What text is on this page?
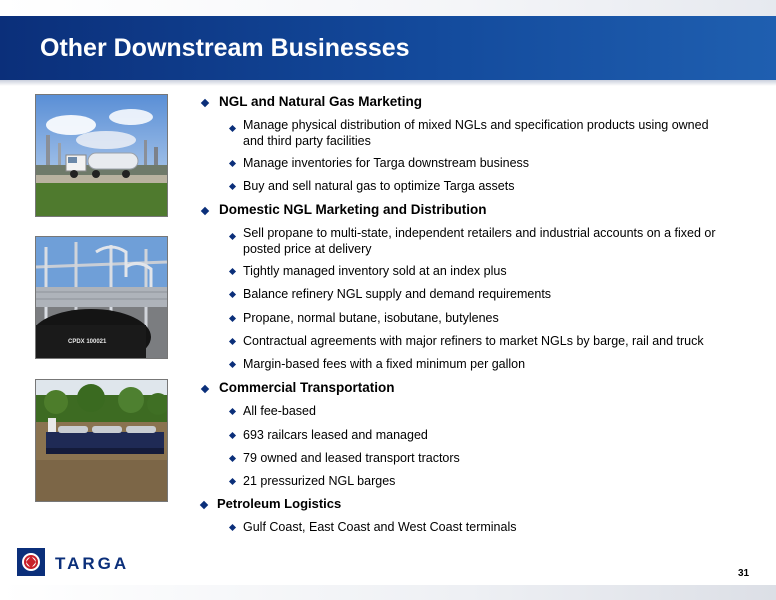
Other Downstream Businesses
CPDX 100021
NGL and Natural Gas Marketing
Manage physical distribution of mixed NGLs and specification products using owned and third party facilities
Manage inventories for Targa downstream business
Buy and sell natural gas to optimize Targa assets
Domestic NGL Marketing and Distribution
Sell propane to multi-state, independent retailers and industrial accounts on a fixed or posted price at delivery
Tightly managed inventory sold at an index plus
Balance refinery NGL supply and demand requirements
Propane, normal butane, isobutane, butylenes
Contractual agreements with major refiners to market NGLs by barge, rail and truck
Margin-based fees with a fixed minimum per gallon
Commercial Transportation
All fee-based
693 railcars leased and managed
79 owned and leased transport tractors
21 pressurized NGL barges
Petroleum Logistics
Gulf Coast, East Coast and West Coast terminals
TARGA
31
